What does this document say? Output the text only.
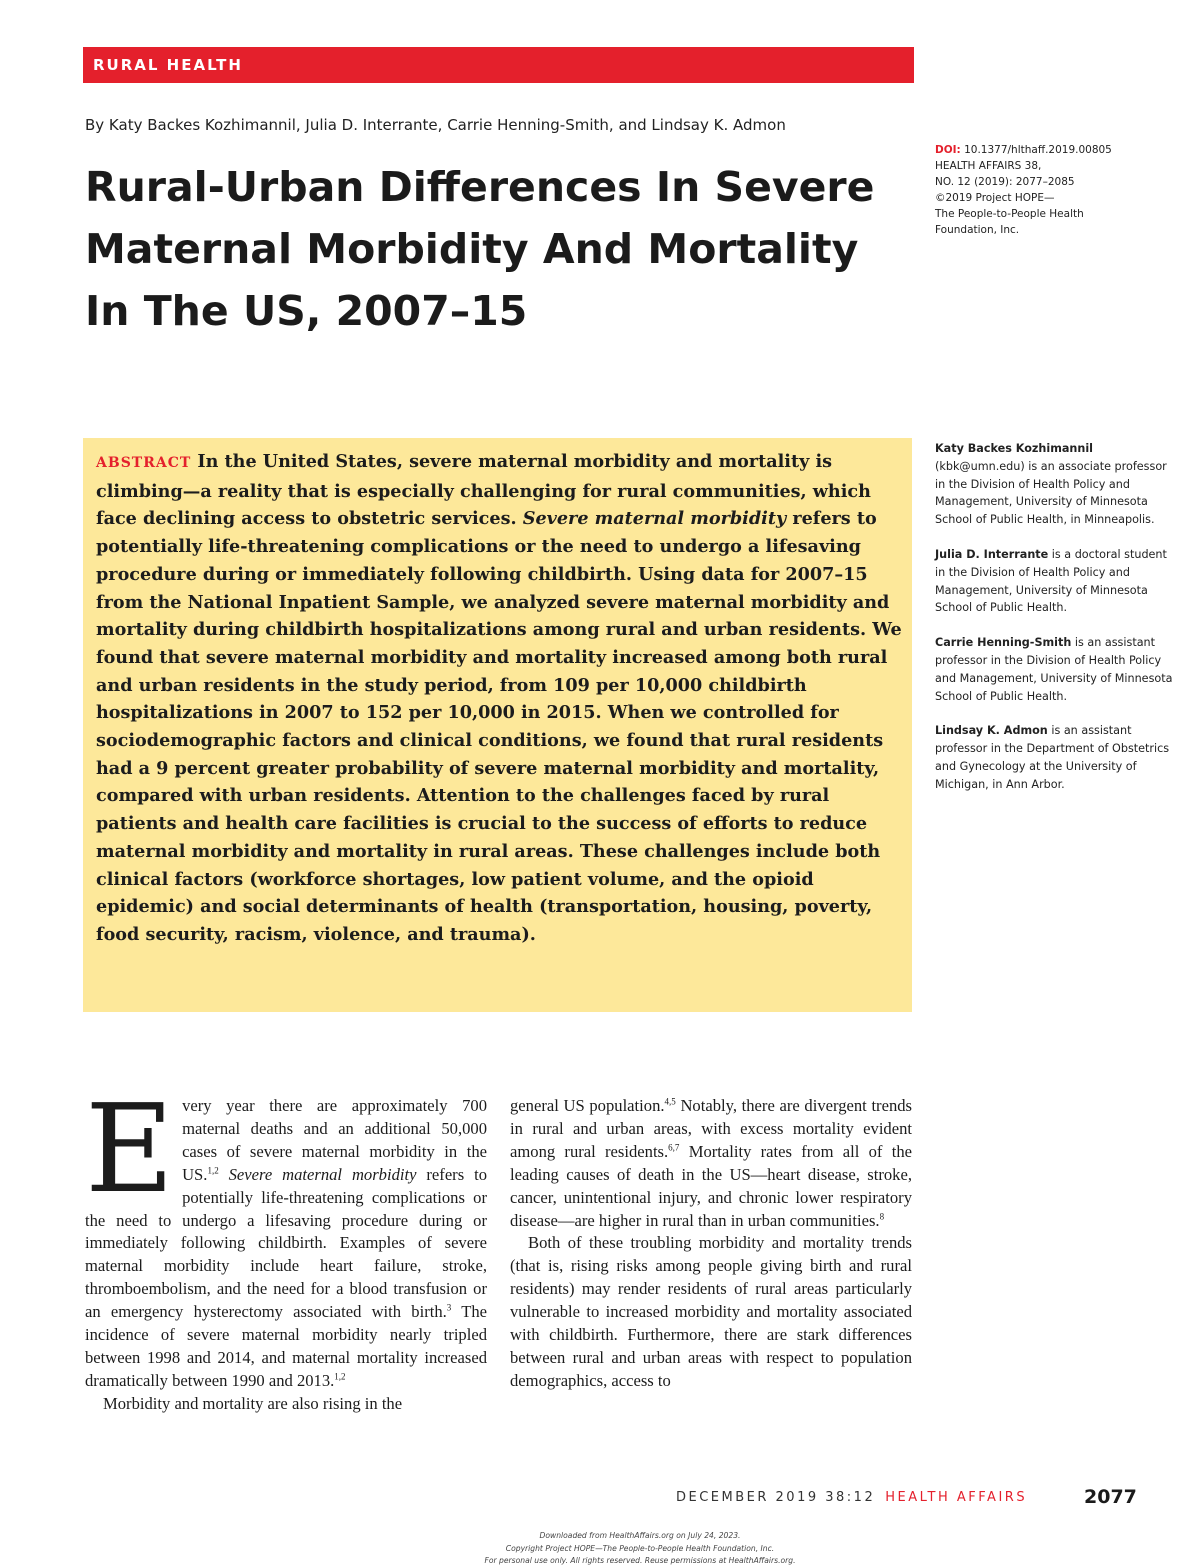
RURAL HEALTH
By Katy Backes Kozhimannil, Julia D. Interrante, Carrie Henning-Smith, and Lindsay K. Admon
Rural-Urban Differences In Severe
Maternal Morbidity And Mortality
In The US, 2007–15
DOI: 10.1377/hlthaff.2019.00805
HEALTH AFFAIRS 38,
NO. 12 (2019): 2077–2085
©2019 Project HOPE—
The People-to-People Health
Foundation, Inc.

ABSTRACT In the United States, severe maternal morbidity and mortality is climbing—a reality that is especially challenging for rural communities, which face declining access to obstetric services. Severe maternal morbidity refers to potentially life-threatening complications or the need to undergo a lifesaving procedure during or immediately following childbirth. Using data for 2007–15 from the National Inpatient Sample, we analyzed severe maternal morbidity and mortality during childbirth hospitalizations among rural and urban residents. We found that severe maternal morbidity and mortality increased among both rural and urban residents in the study period, from 109 per 10,000 childbirth hospitalizations in 2007 to 152 per 10,000 in 2015. When we controlled for sociodemographic factors and clinical conditions, we found that rural residents had a 9 percent greater probability of severe maternal morbidity and mortality, compared with urban residents. Attention to the challenges faced by rural patients and health care facilities is crucial to the success of efforts to reduce maternal morbidity and mortality in rural areas. These challenges include both clinical factors (workforce shortages, low patient volume, and the opioid epidemic) and social determinants of health (transportation, housing, poverty, food security, racism, violence, and trauma).

Katy Backes Kozhimannil (kbk@umn.edu) is an associate professor in the Division of Health Policy and Management, University of Minnesota School of Public Health, in Minneapolis.

Julia D. Interrante is a doctoral student in the Division of Health Policy and Management, University of Minnesota School of Public Health.

Carrie Henning-Smith is an assistant professor in the Division of Health Policy and Management, University of Minnesota School of Public Health.

Lindsay K. Admon is an assistant professor in the Department of Obstetrics and Gynecology at the University of Michigan, in Ann Arbor.

Every year there are approximately 700 maternal deaths and an additional 50,000 cases of severe maternal morbidity in the US.$^{1,2}$ Severe maternal morbidity refers to potentially life-threatening complications or the need to undergo a lifesaving procedure during or immediately following childbirth. Examples of severe maternal morbidity include heart failure, stroke, thromboembolism, and the need for a blood transfusion or an emergency hysterectomy associated with birth.$^3$ The incidence of severe maternal morbidity nearly tripled between 1998 and 2014, and maternal mortality increased dramatically between 1990 and 2013.$^{1,2}$

Morbidity and mortality are also rising in the

general US population.$^{4,5}$ Notably, there are divergent trends in rural and urban areas, with excess mortality evident among rural residents.$^{6,7}$ Mortality rates from all of the leading causes of death in the US—heart disease, stroke, cancer, unintentional injury, and chronic lower respiratory disease—are higher in rural than in urban communities.$^8$

Both of these troubling morbidity and mortality trends (that is, rising risks among people giving birth and rural residents) may render residents of rural areas particularly vulnerable to increased morbidity and mortality associated with childbirth. Furthermore, there are stark differences between rural and urban areas with respect to population demographics, access to

DECEMBER 2019 38:12 HEALTH AFFAIRS	2077
Downloaded from HealthAffairs.org on July 24, 2023.
Copyright Project HOPE—The People-to-People Health Foundation, Inc.
For personal use only. All rights reserved. Reuse permissions at HealthAffairs.org.
